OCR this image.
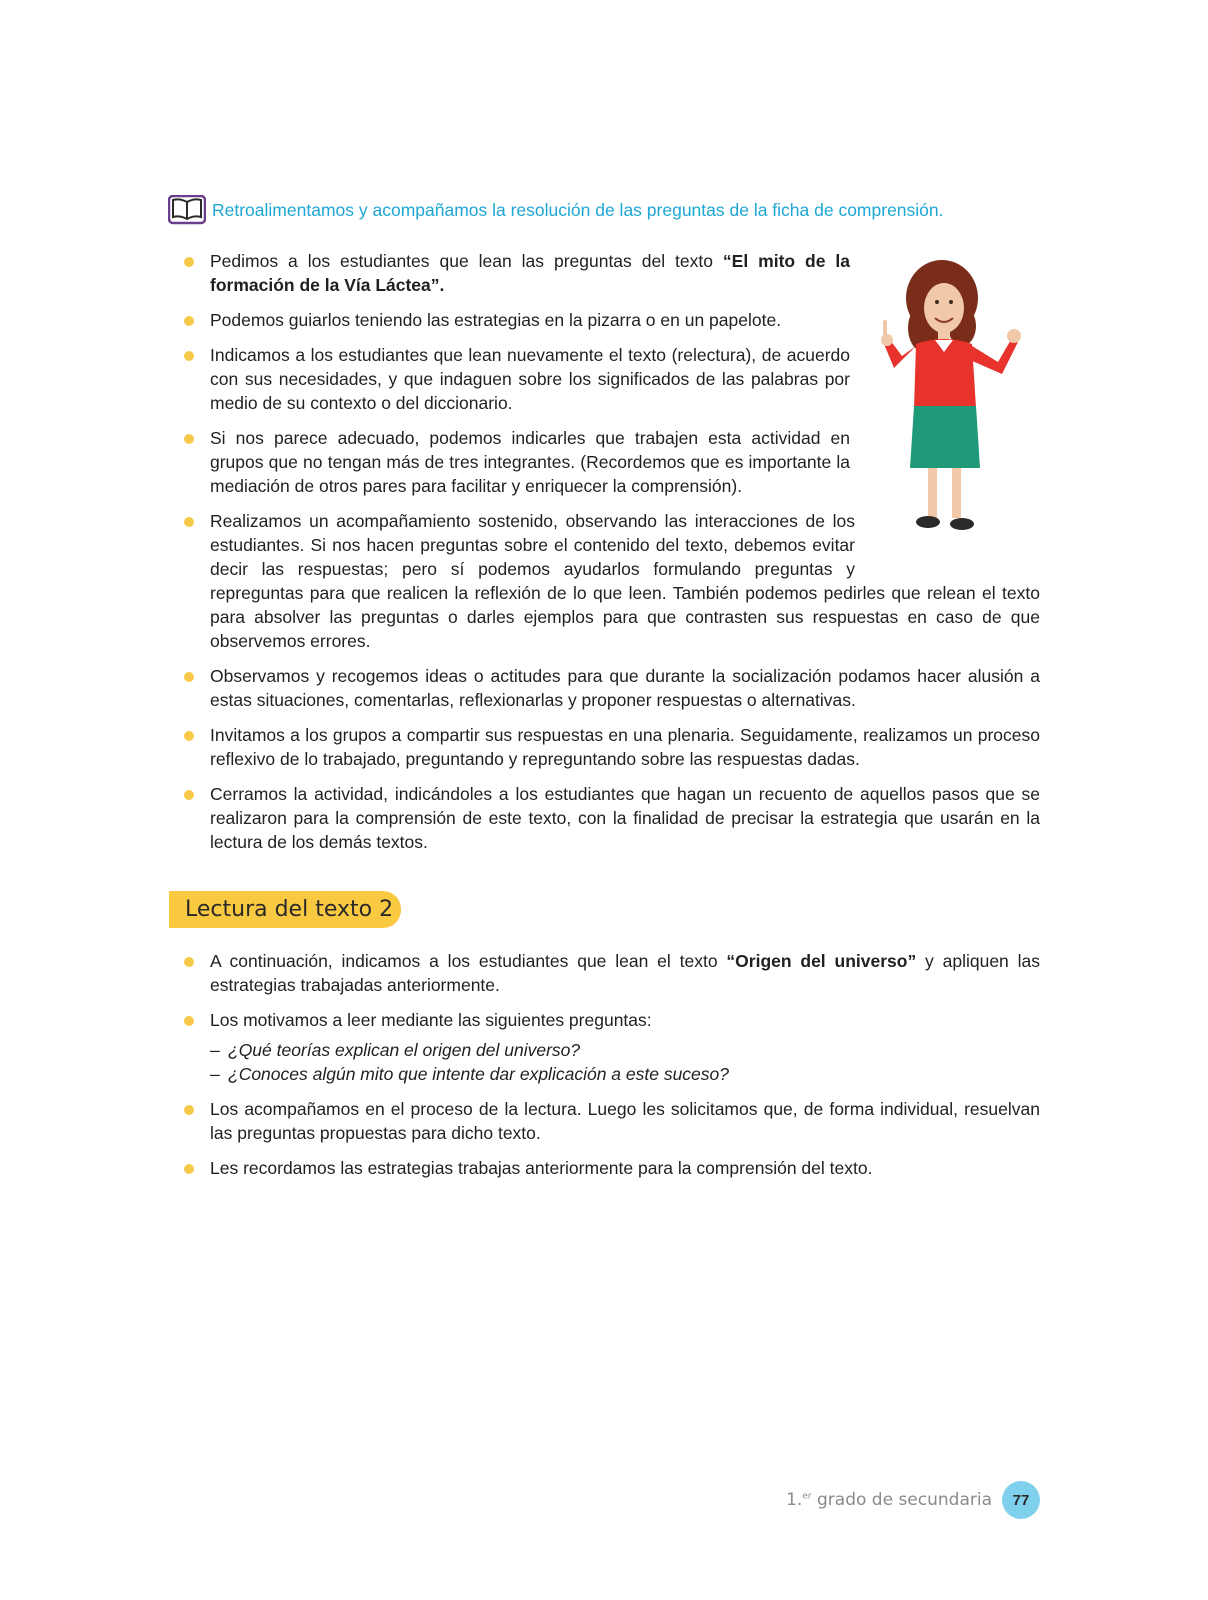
Retroalimentamos y acompañamos la resolución de las preguntas de la ficha de comprensión.
Pedimos a los estudiantes que lean las preguntas del texto “El mito de la formación de la Vía Láctea”.
Podemos guiarlos teniendo las estrategias en la pizarra o en un papelote.
Indicamos a los estudiantes que lean nuevamente el texto (relectura), de acuerdo con sus necesidades, y que indaguen sobre los significados de las palabras por medio de su contexto o del diccionario.
Si nos parece adecuado, podemos indicarles que trabajen esta actividad en grupos que no tengan más de tres integrantes. (Recordemos que es importante la mediación de otros pares para facilitar y enriquecer la comprensión).
Realizamos un acompañamiento sostenido, observando las interacciones de los estudiantes. Si nos hacen preguntas sobre el contenido del texto, debemos evitar decir las respuestas; pero sí podemos ayudarlos formulando preguntas y repreguntas para que realicen la reflexión de lo que leen. También podemos pedirles que relean el texto para absolver las preguntas o darles ejemplos para que contrasten sus respuestas en caso de que observemos errores.
Observamos y recogemos ideas o actitudes para que durante la socialización podamos hacer alusión a estas situaciones, comentarlas, reflexionarlas y proponer respuestas o alternativas.
Invitamos a los grupos a compartir sus respuestas en una plenaria. Seguidamente, realizamos un proceso reflexivo de lo trabajado, preguntando y repreguntando sobre las respuestas dadas.
Cerramos la actividad, indicándoles a los estudiantes que hagan un recuento de aquellos pasos que se realizaron para la comprensión de este texto, con la finalidad de precisar la estrategia que usarán en la lectura de los demás textos.
Lectura del texto 2
A continuación, indicamos a los estudiantes que lean el texto “Origen del universo” y apliquen las estrategias trabajadas anteriormente.
Los motivamos a leer mediante las siguientes preguntas:
– ¿Qué teorías explican el origen del universo?
– ¿Conoces algún mito que intente dar explicación a este suceso?
Los acompañamos en el proceso de la lectura. Luego les solicitamos que, de forma individual, resuelvan las preguntas propuestas para dicho texto.
Les recordamos las estrategias trabajas anteriormente para la comprensión del texto.
1.$^{er}$ grado de secundaria 77
